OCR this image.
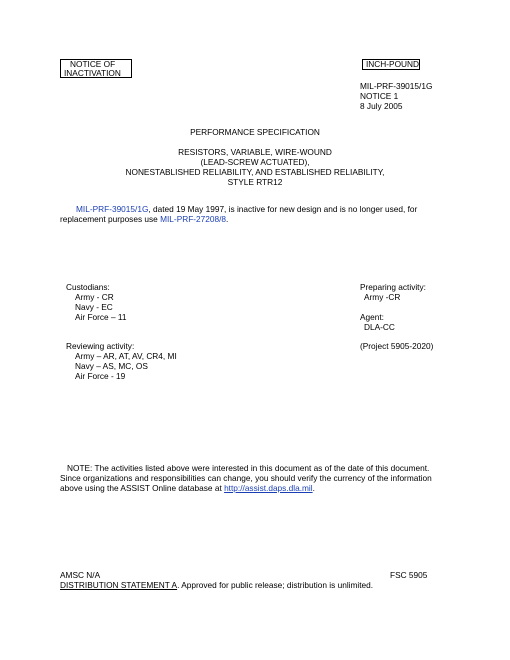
NOTICE OF
INACTIVATION
INCH-POUND
MIL-PRF-39015/1G
NOTICE 1
8 July 2005
PERFORMANCE SPECIFICATION
RESISTORS, VARIABLE, WIRE-WOUND
(LEAD-SCREW ACTUATED),
NONESTABLISHED RELIABILITY, AND ESTABLISHED RELIABILITY,
STYLE RTR12
MIL-PRF-39015/1G, dated 19 May 1997, is inactive for new design and is no longer used, for
replacement purposes use MIL-PRF-27208/8.
Custodians:
Army - CR
Navy - EC
Air Force – 11
Preparing activity:
Army -CR

Agent:
DLA-CC
Reviewing activity:
Army – AR, AT, AV, CR4, MI
Navy – AS, MC, OS
Air Force - 19
(Project 5905-2020)
NOTE: The activities listed above were interested in this document as of the date of this document.
Since organizations and responsibilities can change, you should verify the currency of the information
above using the ASSIST Online database at http://assist.daps.dla.mil.
AMSC N/A	FSC 5905
DISTRIBUTION STATEMENT A. Approved for public release; distribution is unlimited.
